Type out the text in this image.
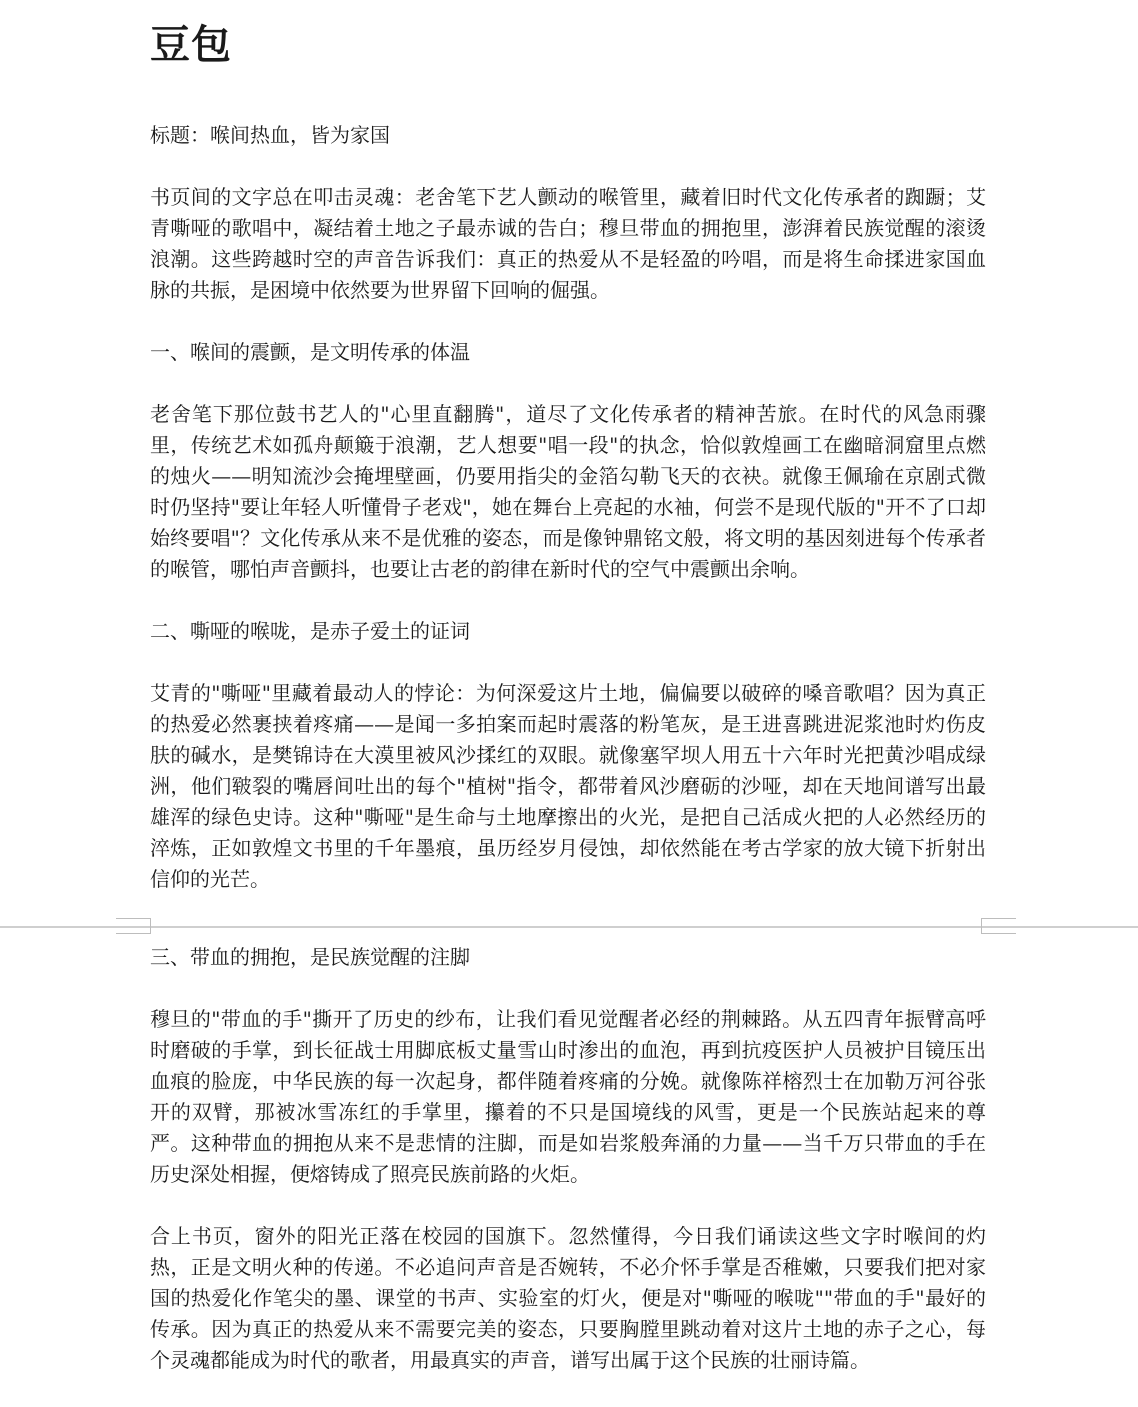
豆包

标题：喉间热血，皆为家国

书页间的文字总在叩击灵魂：老舍笔下艺人颤动的喉管里，藏着旧时代文化传承者的踟蹰；艾青嘶哑的歌唱中，凝结着土地之子最赤诚的告白；穆旦带血的拥抱里，澎湃着民族觉醒的滚烫浪潮。这些跨越时空的声音告诉我们：真正的热爱从不是轻盈的吟唱，而是将生命揉进家国血脉的共振，是困境中依然要为世界留下回响的倔强。

一、喉间的震颤，是文明传承的体温

老舍笔下那位鼓书艺人的"心里直翻腾"，道尽了文化传承者的精神苦旅。在时代的风急雨骤里，传统艺术如孤舟颠簸于浪潮，艺人想要"唱一段"的执念，恰似敦煌画工在幽暗洞窟里点燃的烛火——明知流沙会掩埋壁画，仍要用指尖的金箔勾勒飞天的衣袂。就像王佩瑜在京剧式微时仍坚持"要让年轻人听懂骨子老戏"，她在舞台上亮起的水袖，何尝不是现代版的"开不了口却始终要唱"？文化传承从来不是优雅的姿态，而是像钟鼎铭文般，将文明的基因刻进每个传承者的喉管，哪怕声音颤抖，也要让古老的韵律在新时代的空气中震颤出余响。

二、嘶哑的喉咙，是赤子爱土的证词

艾青的"嘶哑"里藏着最动人的悖论：为何深爱这片土地，偏偏要以破碎的嗓音歌唱？因为真正的热爱必然裹挟着疼痛——是闻一多拍案而起时震落的粉笔灰，是王进喜跳进泥浆池时灼伤皮肤的碱水，是樊锦诗在大漠里被风沙揉红的双眼。就像塞罕坝人用五十六年时光把黄沙唱成绿洲，他们皲裂的嘴唇间吐出的每个"植树"指令，都带着风沙磨砺的沙哑，却在天地间谱写出最雄浑的绿色史诗。这种"嘶哑"是生命与土地摩擦出的火光，是把自己活成火把的人必然经历的淬炼，正如敦煌文书里的千年墨痕，虽历经岁月侵蚀，却依然能在考古学家的放大镜下折射出信仰的光芒。

三、带血的拥抱，是民族觉醒的注脚

穆旦的"带血的手"撕开了历史的纱布，让我们看见觉醒者必经的荆棘路。从五四青年振臂高呼时磨破的手掌，到长征战士用脚底板丈量雪山时渗出的血泡，再到抗疫医护人员被护目镜压出血痕的脸庞，中华民族的每一次起身，都伴随着疼痛的分娩。就像陈祥榕烈士在加勒万河谷张开的双臂，那被冰雪冻红的手掌里，攥着的不只是国境线的风雪，更是一个民族站起来的尊严。这种带血的拥抱从来不是悲情的注脚，而是如岩浆般奔涌的力量——当千万只带血的手在历史深处相握，便熔铸成了照亮民族前路的火炬。

合上书页，窗外的阳光正落在校园的国旗下。忽然懂得，今日我们诵读这些文字时喉间的灼热，正是文明火种的传递。不必追问声音是否婉转，不必介怀手掌是否稚嫩，只要我们把对家国的热爱化作笔尖的墨、课堂的书声、实验室的灯火，便是对"嘶哑的喉咙""带血的手"最好的传承。因为真正的热爱从来不需要完美的姿态，只要胸膛里跳动着对这片土地的赤子之心，每个灵魂都能成为时代的歌者，用最真实的声音，谱写出属于这个民族的壮丽诗篇。
